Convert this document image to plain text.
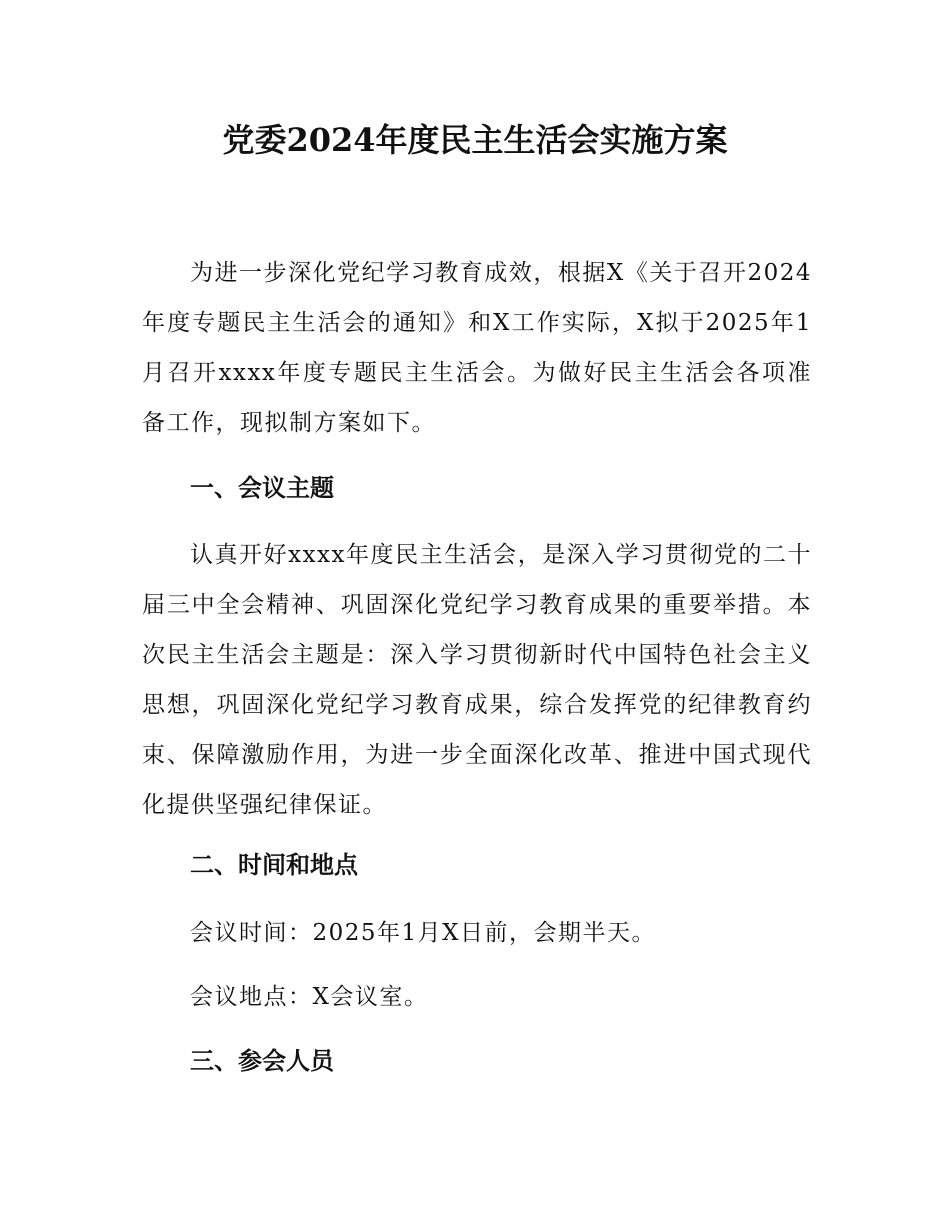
党委2024年度民主生活会实施方案
为进一步深化党纪学习教育成效，根据X《关于召开2024年度专题民主生活会的通知》和X工作实际，X拟于2025年1月召开xxxx年度专题民主生活会。为做好民主生活会各项准备工作，现拟制方案如下。
一、会议主题
认真开好xxxx年度民主生活会，是深入学习贯彻党的二十届三中全会精神、巩固深化党纪学习教育成果的重要举措。本次民主生活会主题是：深入学习贯彻新时代中国特色社会主义思想，巩固深化党纪学习教育成果，综合发挥党的纪律教育约束、保障激励作用，为进一步全面深化改革、推进中国式现代化提供坚强纪律保证。
二、时间和地点
会议时间：2025年1月X日前，会期半天。
会议地点：X会议室。
三、参会人员
